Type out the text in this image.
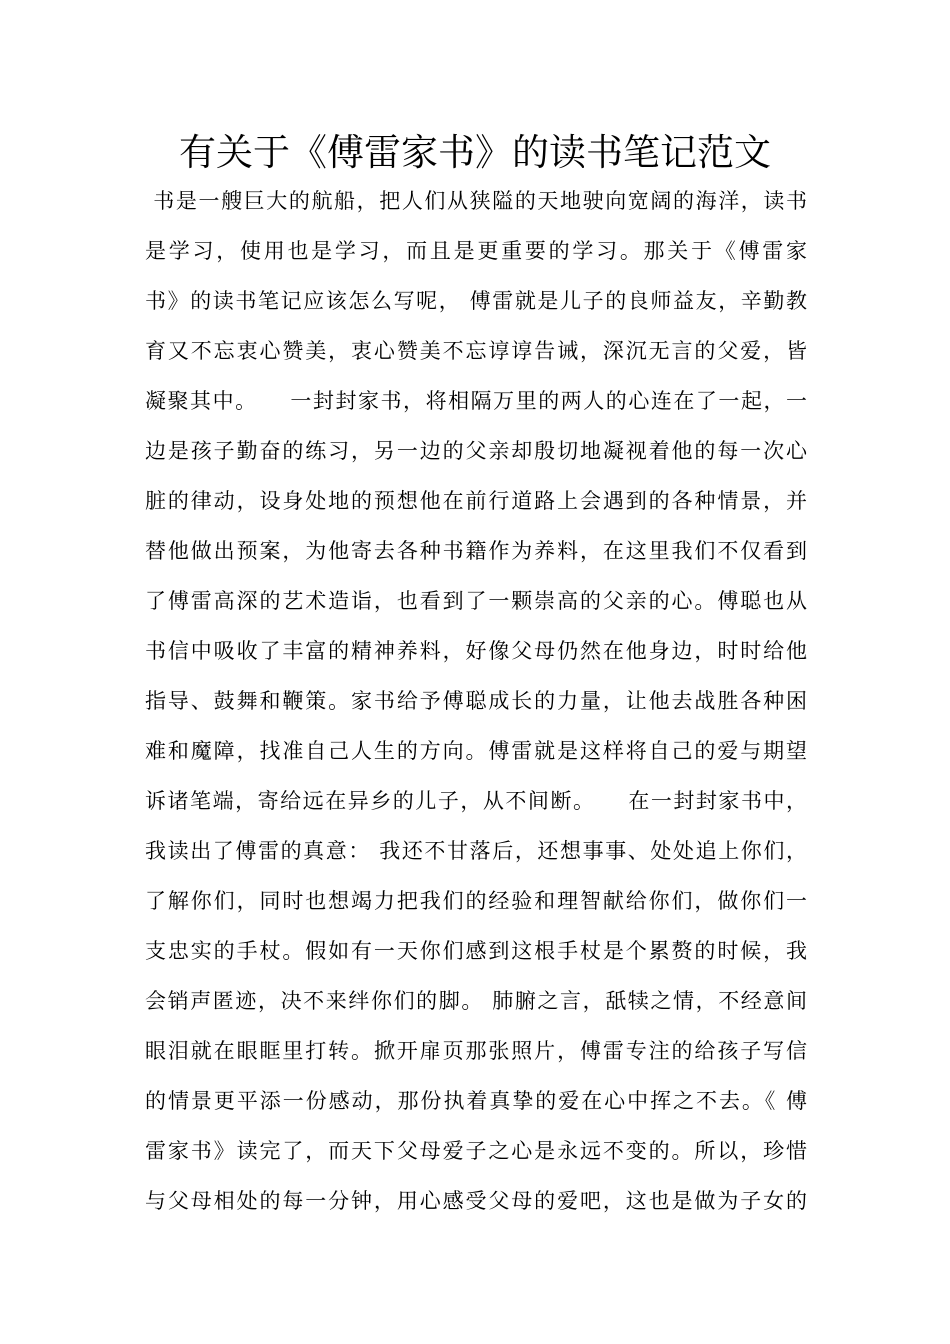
有关于《傅雷家书》的读书笔记范文
书是一艘巨大的航船，把人们从狭隘的天地驶向宽阔的海洋，读书
是学习，使用也是学习，而且是更重要的学习。那关于《傅雷家
书》的读书笔记应该怎么写呢， 傅雷就是儿子的良师益友，辛勤教
育又不忘衷心赞美，衷心赞美不忘谆谆告诫，深沉无言的父爱，皆
凝聚其中。    一封封家书，将相隔万里的两人的心连在了一起，一
边是孩子勤奋的练习，另一边的父亲却殷切地凝视着他的每一次心
脏的律动，设身处地的预想他在前行道路上会遇到的各种情景，并
替他做出预案，为他寄去各种书籍作为养料，在这里我们不仅看到
了傅雷高深的艺术造诣，也看到了一颗崇高的父亲的心。傅聪也从
书信中吸收了丰富的精神养料，好像父母仍然在他身边，时时给他
指导、鼓舞和鞭策。家书给予傅聪成长的力量，让他去战胜各种困
难和魔障，找准自己人生的方向。傅雷就是这样将自己的爱与期望
诉诸笔端，寄给远在异乡的儿子，从不间断。    在一封封家书中，
我读出了傅雷的真意： 我还不甘落后，还想事事、处处追上你们，
了解你们，同时也想竭力把我们的经验和理智献给你们，做你们一
支忠实的手杖。假如有一天你们感到这根手杖是个累赘的时候，我
会销声匿迹，决不来绊你们的脚。 肺腑之言，舐犊之情，不经意间
眼泪就在眼眶里打转。掀开扉页那张照片，傅雷专注的给孩子写信
的情景更平添一份感动，那份执着真挚的爱在心中挥之不去。《 傅
雷家书》读完了，而天下父母爱子之心是永远不变的。所以，珍惜
与父母相处的每一分钟，用心感受父母的爱吧，这也是做为子女的
